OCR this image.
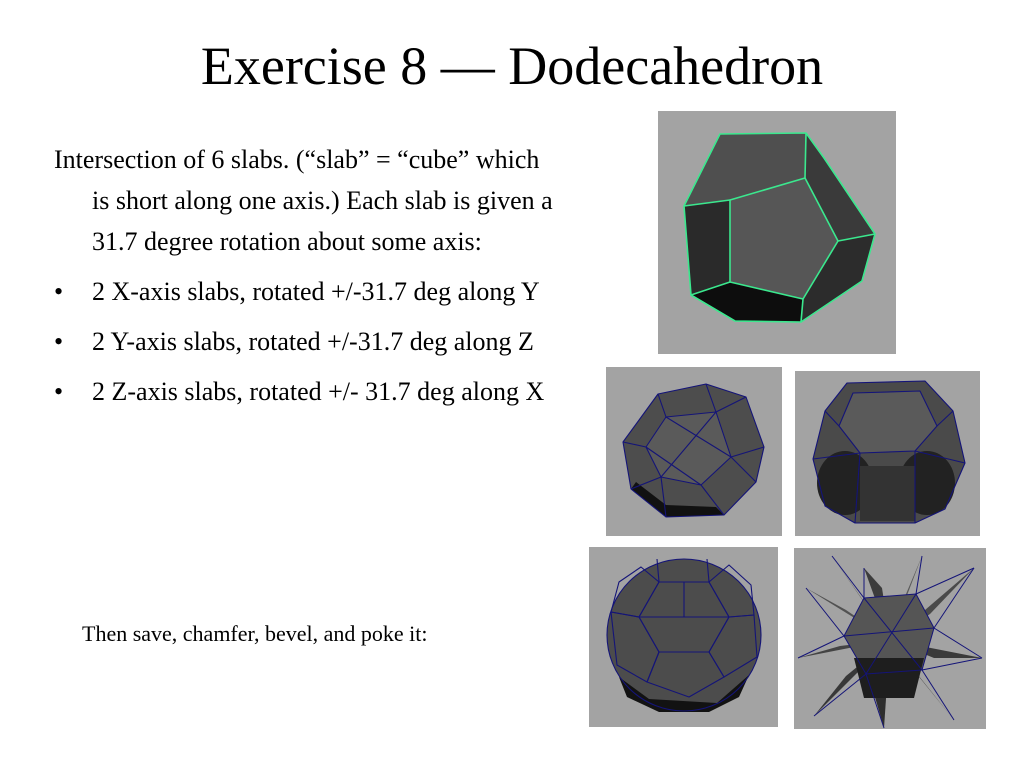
Exercise 8 — Dodecahedron

Intersection of 6 slabs. (“slab” = “cube” which is short along one axis.) Each slab is given a 31.7 degree rotation about some axis:

•	2 X-axis slabs, rotated +/-31.7 deg along Y
•	2 Y-axis slabs, rotated +/-31.7 deg along Z
•	2 Z-axis slabs, rotated +/- 31.7 deg along X
Then save, chamfer, bevel, and poke it:
